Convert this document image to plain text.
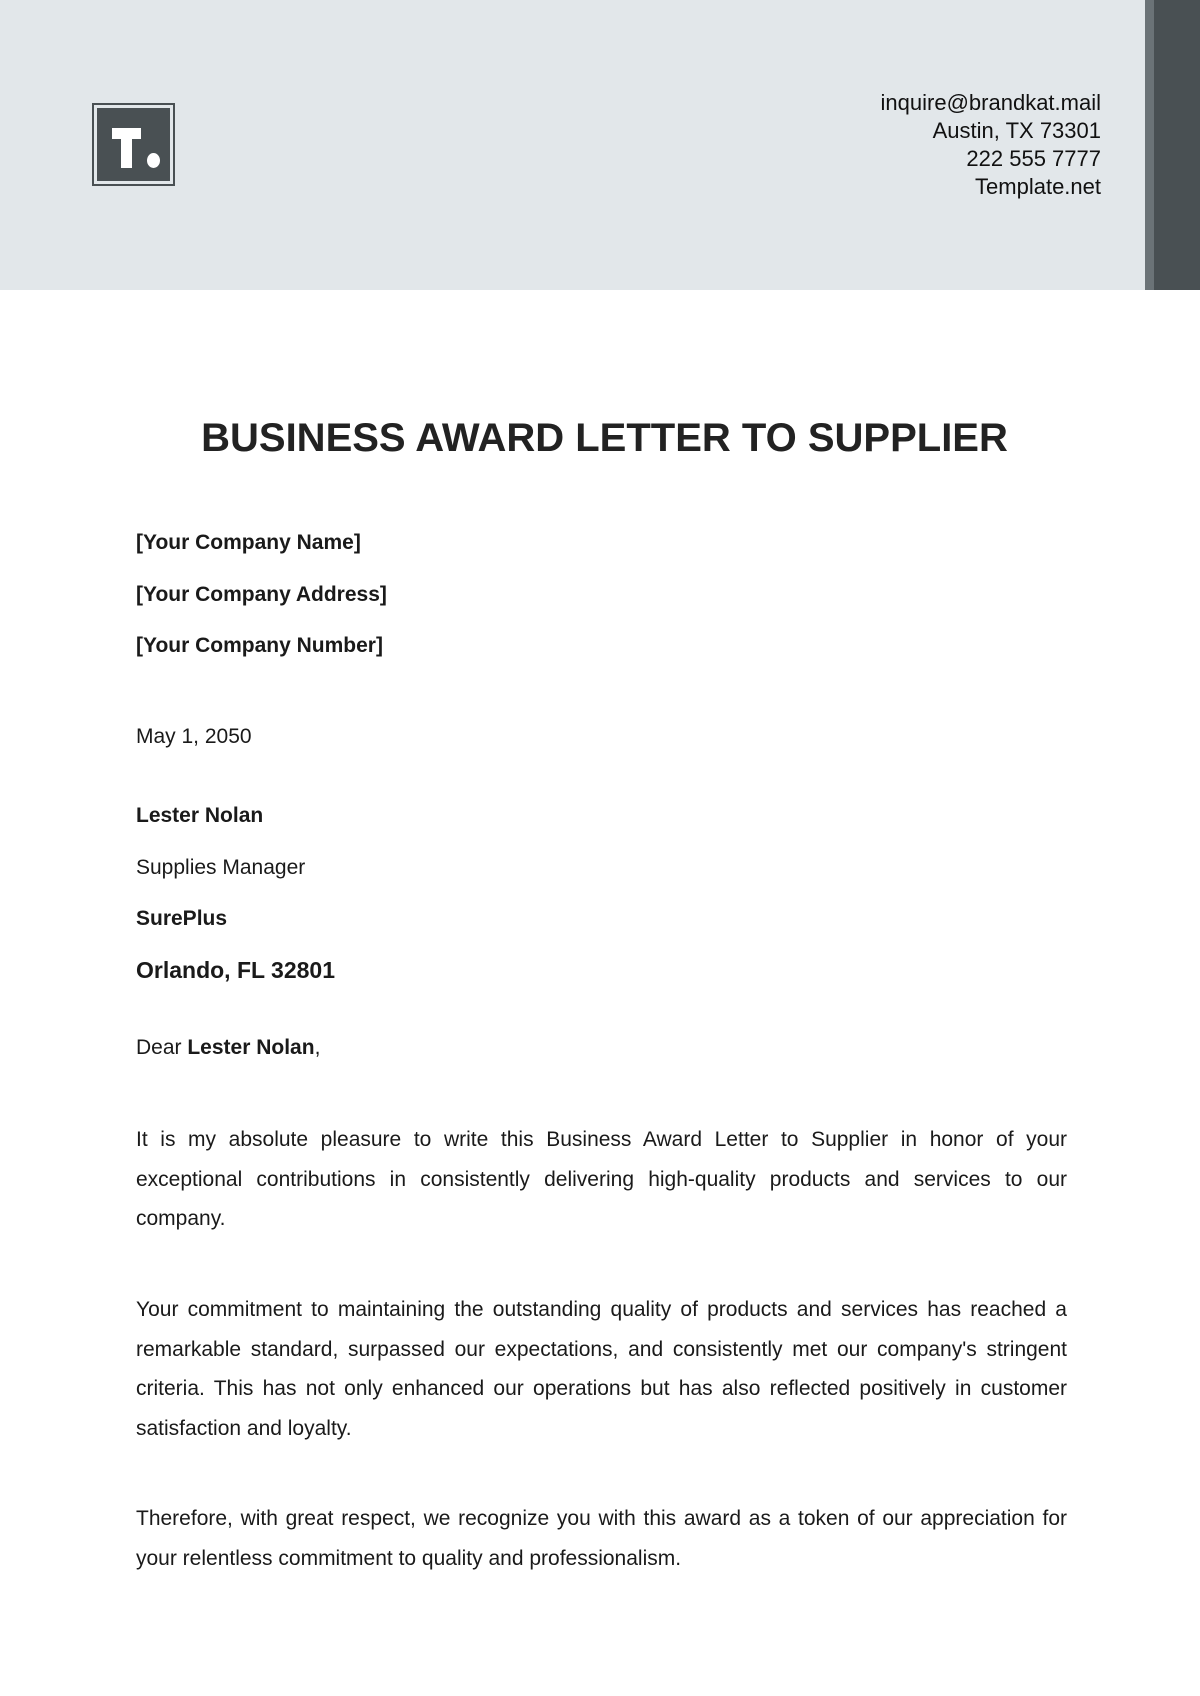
inquire@brandkat.mail
Austin, TX 73301
222 555 7777
Template.net
BUSINESS AWARD LETTER TO SUPPLIER
[Your Company Name]
[Your Company Address]
[Your Company Number]
May 1, 2050
Lester Nolan
Supplies Manager
SurePlus
Orlando, FL 32801
Dear Lester Nolan,
It is my absolute pleasure to write this Business Award Letter to Supplier in honor of your exceptional contributions in consistently delivering high-quality products and services to our company.
Your commitment to maintaining the outstanding quality of products and services has reached a remarkable standard, surpassed our expectations, and consistently met our company's stringent criteria. This has not only enhanced our operations but has also reflected positively in customer satisfaction and loyalty.
Therefore, with great respect, we recognize you with this award as a token of our appreciation for your relentless commitment to quality and professionalism.
